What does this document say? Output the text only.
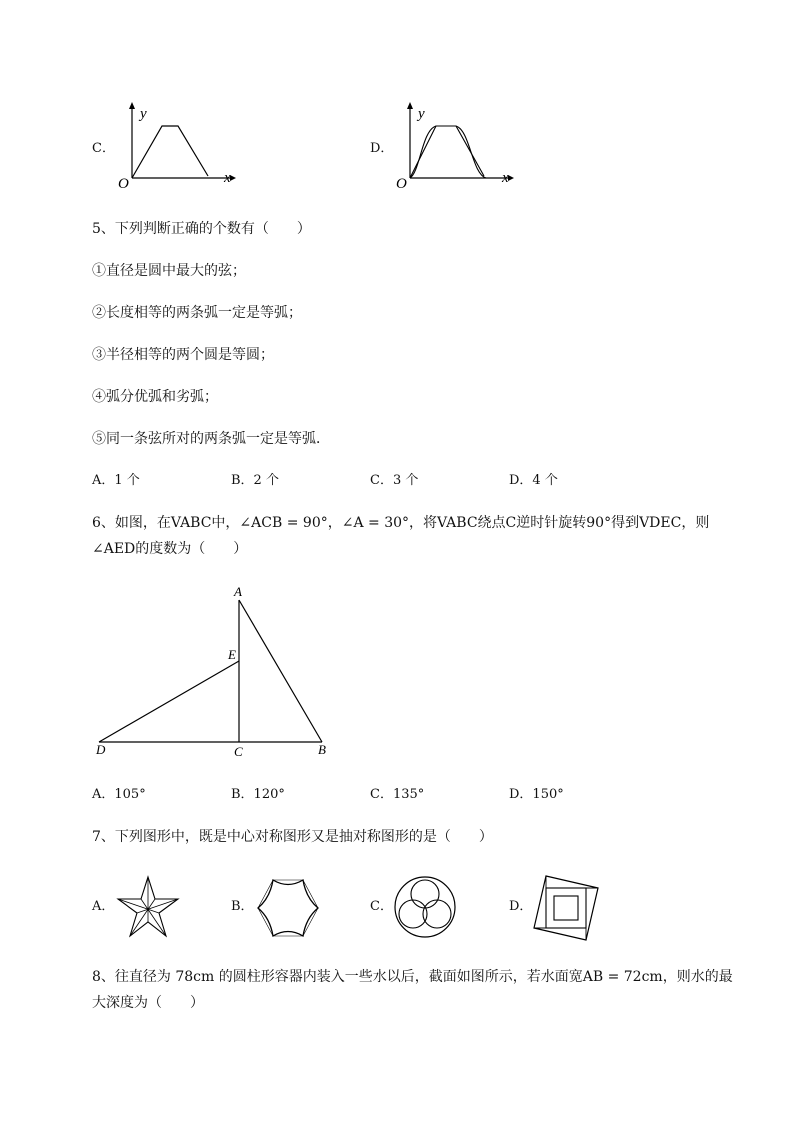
C．
y
x
O
D．
y
x
O
5、下列判断正确的个数有（　　）
①直径是圆中最大的弦；
②长度相等的两条弧一定是等弧；
③半径相等的两个圆是等圆；
④弧分优弧和劣弧；
⑤同一条弦所对的两条弧一定是等弧．
A．1 个	B．2 个	C．3 个	D．4 个
6、如图，在VABC中，∠ACB = 90°，∠A = 30°，将VABC绕点C逆时针旋转90°得到VDEC，则
∠AED的度数为（　　）
A
E
D	C	B
A．105°	B．120°	C．135°	D．150°
7、下列图形中，既是中心对称图形又是抽对称图形的是（　　）
A．	B．	C．	D．
8、往直径为 78cm 的圆柱形容器内装入一些水以后，截面如图所示，若水面宽AB = 72cm，则水的最
大深度为（　　）
